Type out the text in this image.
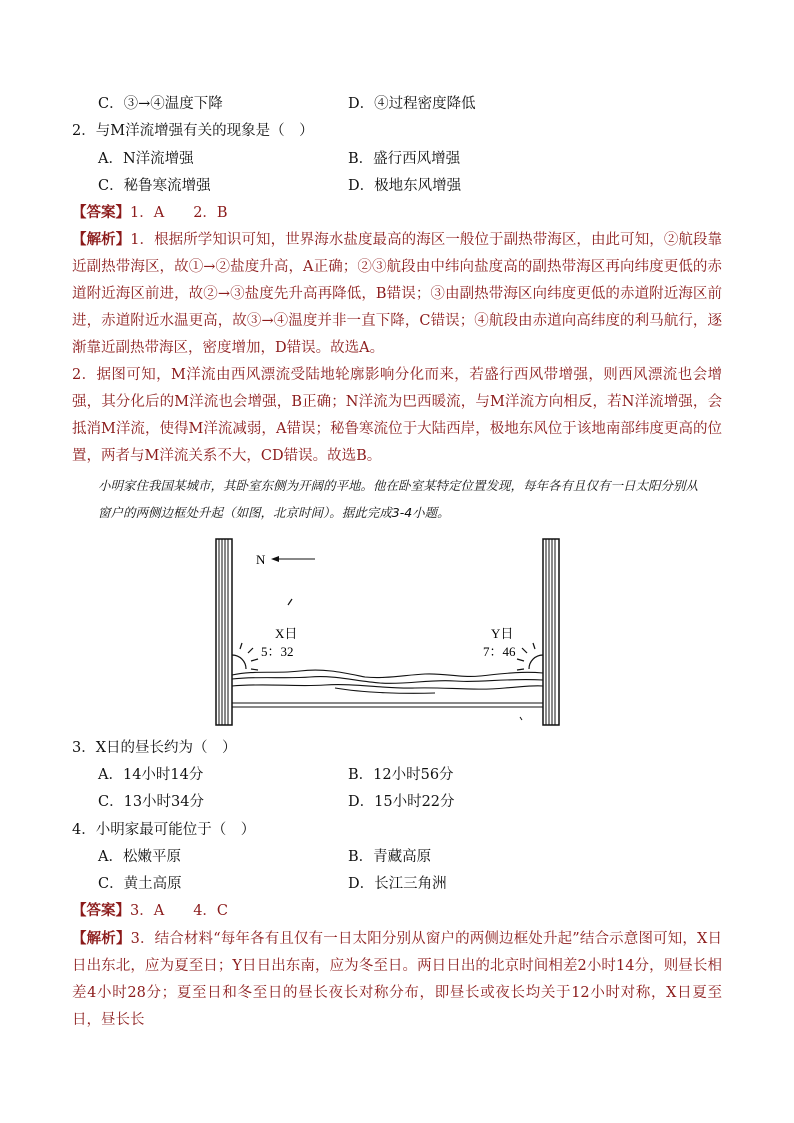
C．③→④温度下降	D．④过程密度降低
2．与M洋流增强有关的现象是（　）
A．N洋流增强	B．盛行西风增强
C．秘鲁寒流增强	D．极地东风增强
【答案】1．A　　2．B
【解析】1．根据所学知识可知，世界海水盐度最高的海区一般位于副热带海区，由此可知，②航段靠近副热带海区，故①→②盐度升高，A正确；②③航段由中纬向盐度高的副热带海区再向纬度更低的赤道附近海区前进，故②→③盐度先升高再降低，B错误；③由副热带海区向纬度更低的赤道附近海区前进，赤道附近水温更高，故③→④温度并非一直下降，C错误；④航段由赤道向高纬度的利马航行，逐渐靠近副热带海区，密度增加，D错误。故选A。
2．据图可知，M洋流由西风漂流受陆地轮廓影响分化而来，若盛行西风带增强，则西风漂流也会增强，其分化后的M洋流也会增强，B正确；N洋流为巴西暖流，与M洋流方向相反，若N洋流增强，会抵消M洋流，使得M洋流减弱，A错误；秘鲁寒流位于大陆西岸，极地东风位于该地南部纬度更高的位置，两者与M洋流关系不大，CD错误。故选B。
小明家住我国某城市，其卧室东侧为开阔的平地。他在卧室某特定位置发现，每年各有且仅有一日太阳分别从窗户的两侧边框处升起（如图，北京时间）。据此完成3-4小题。
N
X日
5：32
Y日
7：46
3．X日的昼长约为（　）
A．14小时14分	B．12小时56分
C．13小时34分	D．15小时22分
4．小明家最可能位于（　）
A．松嫩平原	B．青藏高原
C．黄土高原	D．长江三角洲
【答案】3．A　　4．C
【解析】3．结合材料“每年各有且仅有一日太阳分别从窗户的两侧边框处升起”结合示意图可知，X日日出东北，应为夏至日；Y日日出东南，应为冬至日。两日日出的北京时间相差2小时14分，则昼长相差4小时28分；夏至日和冬至日的昼长夜长对称分布，即昼长或夜长均关于12小时对称，X日夏至日，昼长长
